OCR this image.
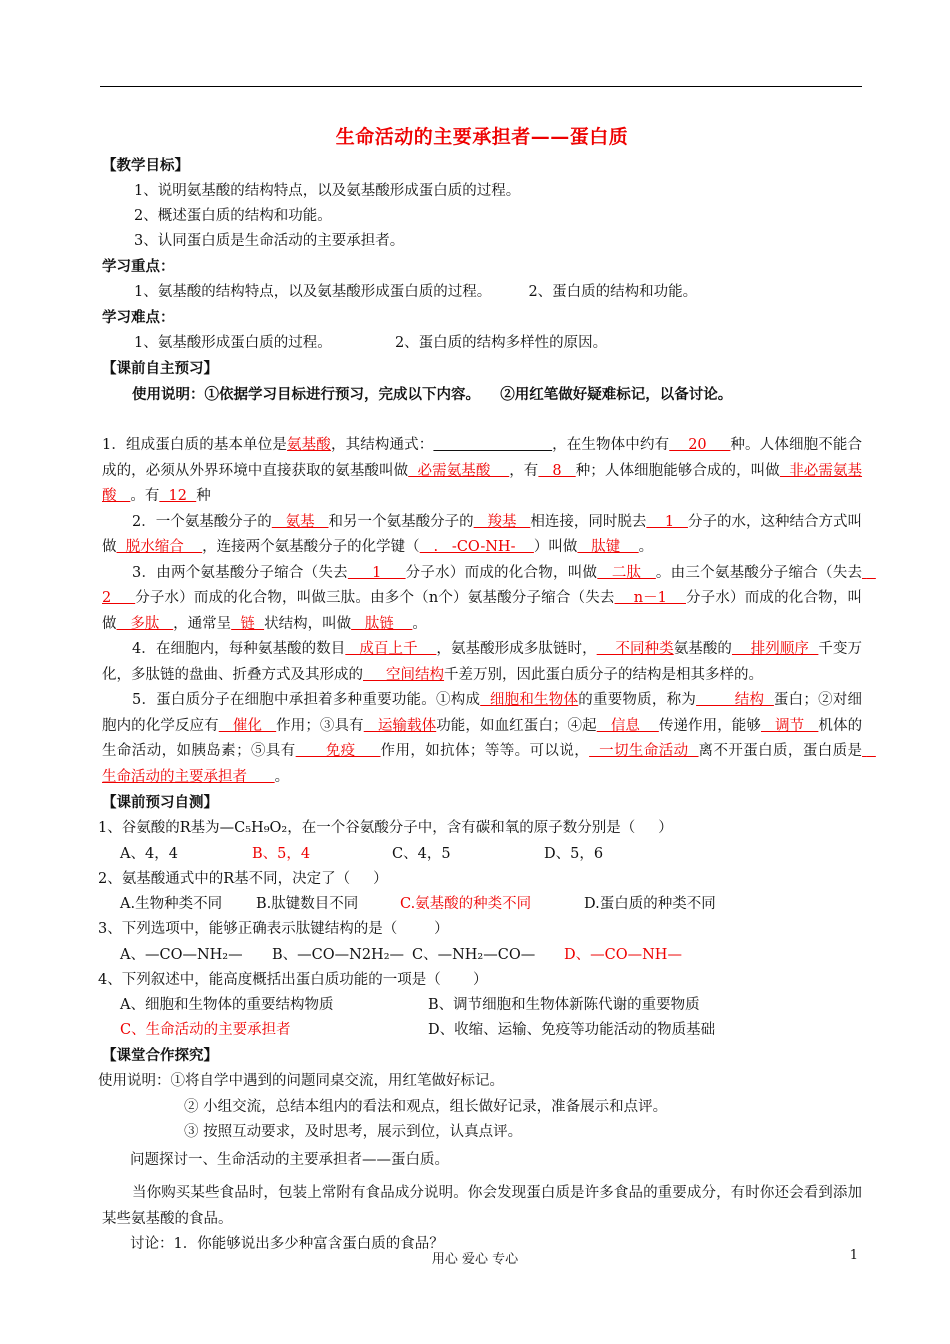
生命活动的主要承担者——蛋白质
【教学目标】
1、说明氨基酸的结构特点，以及氨基酸形成蛋白质的过程。
2、概述蛋白质的结构和功能。
3、认同蛋白质是生命活动的主要承担者。
学习重点：
1、氨基酸的结构特点，以及氨基酸形成蛋白质的过程。	2、蛋白质的结构和功能。
学习难点：
1、氨基酸形成蛋白质的过程。	2、蛋白质的结构多样性的原因。
【课前自主预习】
使用说明：①依据学习目标进行预习，完成以下内容。    ②用红笔做好疑难标记，以备讨论。

1．组成蛋白质的基本单位是氨基酸，其结构通式：	，在生物体中约有    20     种。人体细胞不能合成的，必须从外界环境中直接获取的氨基酸叫做  必需氨基酸    ，有   8   种；人体细胞能够合成的，叫做  非必需氨基酸   。有  12  种
2．一个氨基酸分子的   氨基   和另一个氨基酸分子的   羧基   相连接，同时脱去    1   分子的水，这种结合方式叫做  脱水缩合    ，连接两个氨基酸分子的化学键（   .   -CO-NH-    ）叫做   肽键    。
3．由两个氨基酸分子缩合（失去     1     分子水）而成的化合物，叫做   二肽   。由三个氨基酸分子缩合（失去   2     分子水）而成的化合物，叫做三肽。由多个（n个）氨基酸分子缩合（失去    n－1    分子水）而成的化合物，叫做   多肽   ，通常呈  链  状结构，叫做   肽链    。
4．在细胞内，每种氨基酸的数目   成百上千    ，氨基酸形成多肽链时，    不同种类氨基酸的    排列顺序  千变万化，多肽链的盘曲、折叠方式及其形成的     空间结构千差万别，因此蛋白质分子的结构是相其多样的。
5．蛋白质分子在细胞中承担着多种重要功能。①构成  细胞和生物体的重要物质，称为        结构  蛋白；②对细胞内的化学反应有   催化   作用；③具有   运输载体功能，如血红蛋白；④起   信息    传递作用，能够   调节   机体的生命活动，如胰岛素；⑤具有      免疫     作用，如抗体；等等。可以说，  一切生命活动  离不开蛋白质，蛋白质是   生命活动的主要承担者      。
【课前预习自测】
1、谷氨酸的R基为—C₅H₉O₂，在一个谷氨酸分子中，含有碳和氧的原子数分别是（     ）
A、4，4	B、5，4	C、4，5	D、5，6
2、氨基酸通式中的R基不同，决定了（     ）
A.生物种类不同	B.肽键数目不同	C.氨基酸的种类不同	D.蛋白质的种类不同
3、下列选项中，能够正确表示肽键结构的是（        ）
A、—CO—NH₂—	B、—CO—N2H₂— C、—NH₂—CO—	D、—CO—NH—
4、下列叙述中，能高度概括出蛋白质功能的一项是（       ）
A、细胞和生物体的重要结构物质	B、调节细胞和生物体新陈代谢的重要物质
C、生命活动的主要承担者	D、收缩、运输、免疫等功能活动的物质基础
【课堂合作探究】
使用说明：①将自学中遇到的问题同桌交流，用红笔做好标记。
② 小组交流，总结本组内的看法和观点，组长做好记录，准备展示和点评。
③ 按照互动要求，及时思考，展示到位，认真点评。
问题探讨一、生命活动的主要承担者——蛋白质。
当你购买某些食品时，包装上常附有食品成分说明。你会发现蛋白质是许多食品的重要成分，有时你还会看到添加某些氨基酸的食品。
讨论：1．你能够说出多少种富含蛋白质的食品？
用心 爱心 专心	1
